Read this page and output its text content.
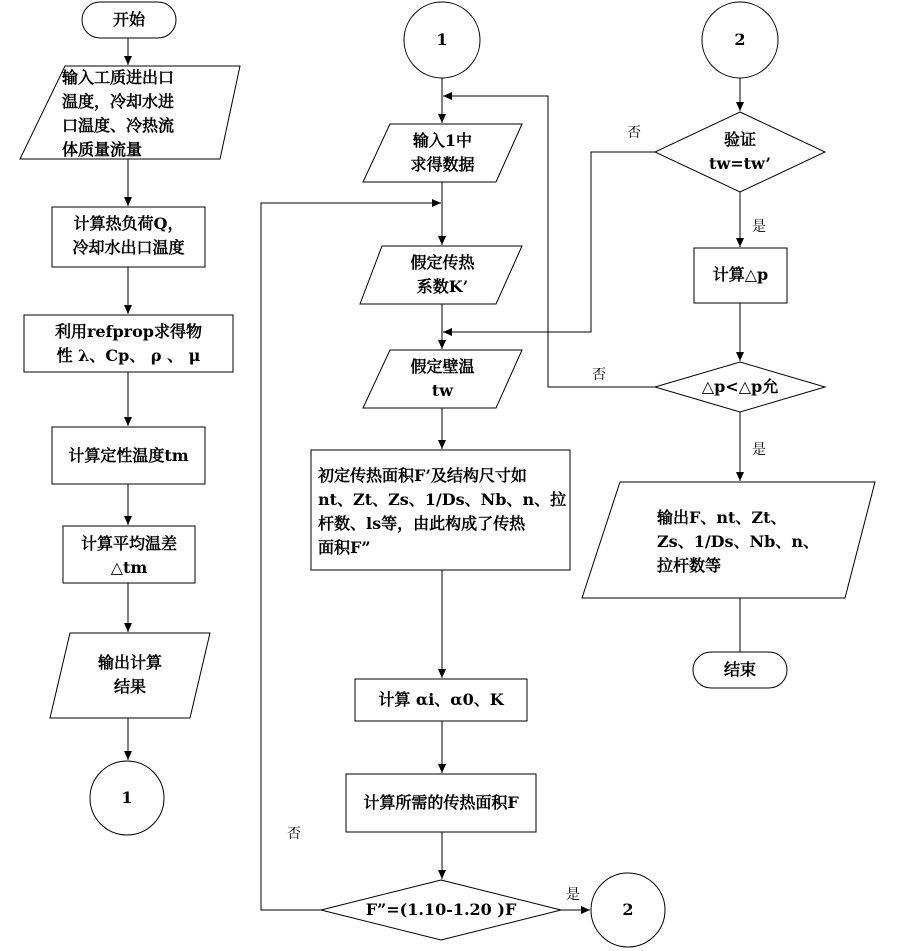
开始
输入工质进出口
温度，冷却水进
口温度、冷热流
体质量流量
计算热负荷Q，
冷却水出口温度
利用refprop求得物
性 λ、Cp、 ρ 、 μ
计算定性温度tm
计算平均温差
△tm
输出计算
结果
1
1
输入1中
求得数据
假定传热
系数K’
假定壁温
tw
初定传热面积F’及结构尺寸如
nt、Zt、Zs、1/Ds、Nb、n、拉
杆数、ls等，由此构成了传热
面积F”
计算 αi、α0、K
计算所需的传热面积F
F”=(1.10-1.20 )F
否
是
2
2
验证
tw=tw’
否
是
计算△p
△p<△p允
否
是
输出F、nt、Zt、
Zs、1/Ds、Nb、n、
拉杆数等
结束
